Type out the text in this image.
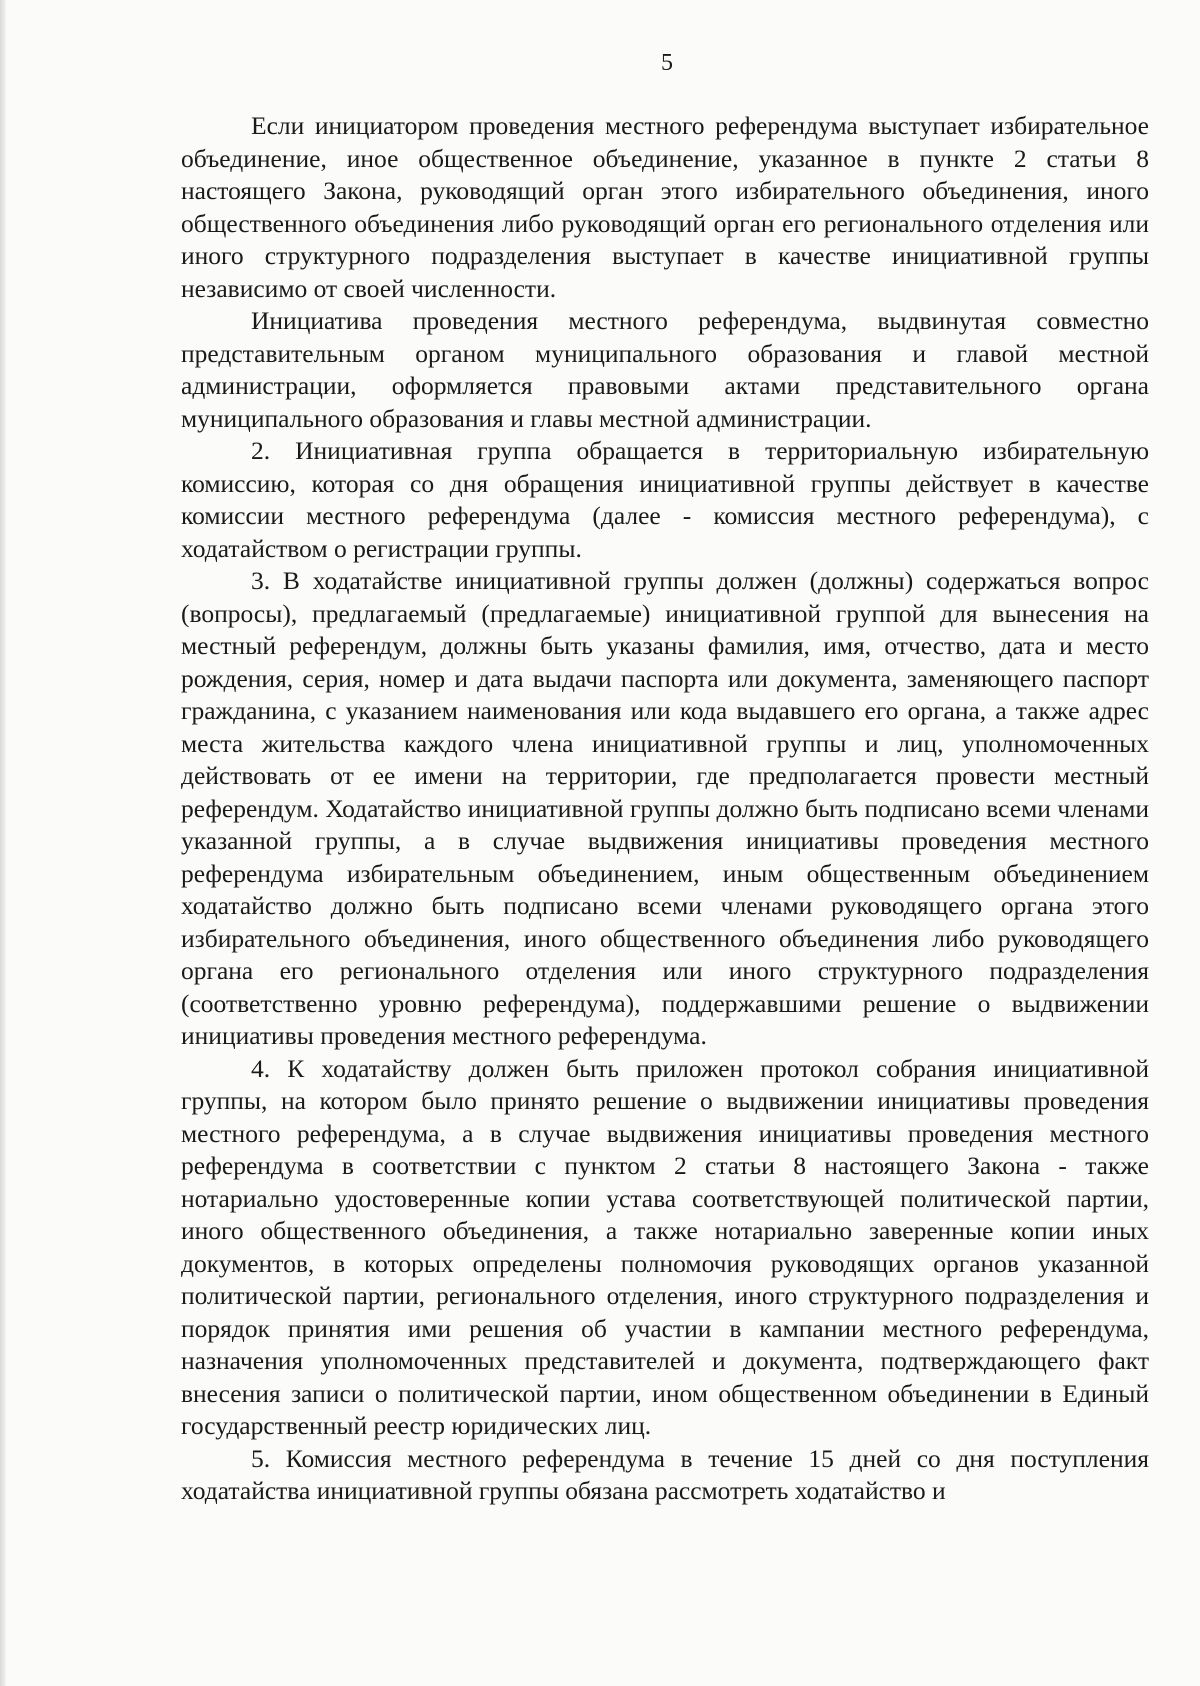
5

Если инициатором проведения местного референдума выступает избирательное объединение, иное общественное объединение, указанное в пункте 2 статьи 8 настоящего Закона, руководящий орган этого избирательного объединения, иного общественного объединения либо руководящий орган его регионального отделения или иного структурного подразделения выступает в качестве инициативной группы независимо от своей численности.

Инициатива проведения местного референдума, выдвинутая совместно представительным органом муниципального образования и главой местной администрации, оформляется правовыми актами представительного органа муниципального образования и главы местной администрации.

2. Инициативная группа обращается в территориальную избирательную комиссию, которая со дня обращения инициативной группы действует в качестве комиссии местного референдума (далее - комиссия местного референдума), с ходатайством о регистрации группы.

3. В ходатайстве инициативной группы должен (должны) содержаться вопрос (вопросы), предлагаемый (предлагаемые) инициативной группой для вынесения на местный референдум, должны быть указаны фамилия, имя, отчество, дата и место рождения, серия, номер и дата выдачи паспорта или документа, заменяющего паспорт гражданина, с указанием наименования или кода выдавшего его органа, а также адрес места жительства каждого члена инициативной группы и лиц, уполномоченных действовать от ее имени на территории, где предполагается провести местный референдум. Ходатайство инициативной группы должно быть подписано всеми членами указанной группы, а в случае выдвижения инициативы проведения местного референдума избирательным объединением, иным общественным объединением ходатайство должно быть подписано всеми членами руководящего органа этого избирательного объединения, иного общественного объединения либо руководящего органа его регионального отделения или иного структурного подразделения (соответственно уровню референдума), поддержавшими решение о выдвижении инициативы проведения местного референдума.

4. К ходатайству должен быть приложен протокол собрания инициативной группы, на котором было принято решение о выдвижении инициативы проведения местного референдума, а в случае выдвижения инициативы проведения местного референдума в соответствии с пунктом 2 статьи 8 настоящего Закона - также нотариально удостоверенные копии устава соответствующей политической партии, иного общественного объединения, а также нотариально заверенные копии иных документов, в которых определены полномочия руководящих органов указанной политической партии, регионального отделения, иного структурного подразделения и порядок принятия ими решения об участии в кампании местного референдума, назначения уполномоченных представителей и документа, подтверждающего факт внесения записи о политической партии, ином общественном объединении в Единый государственный реестр юридических лиц.

5. Комиссия местного референдума в течение 15 дней со дня поступления ходатайства инициативной группы обязана рассмотреть ходатайство и
